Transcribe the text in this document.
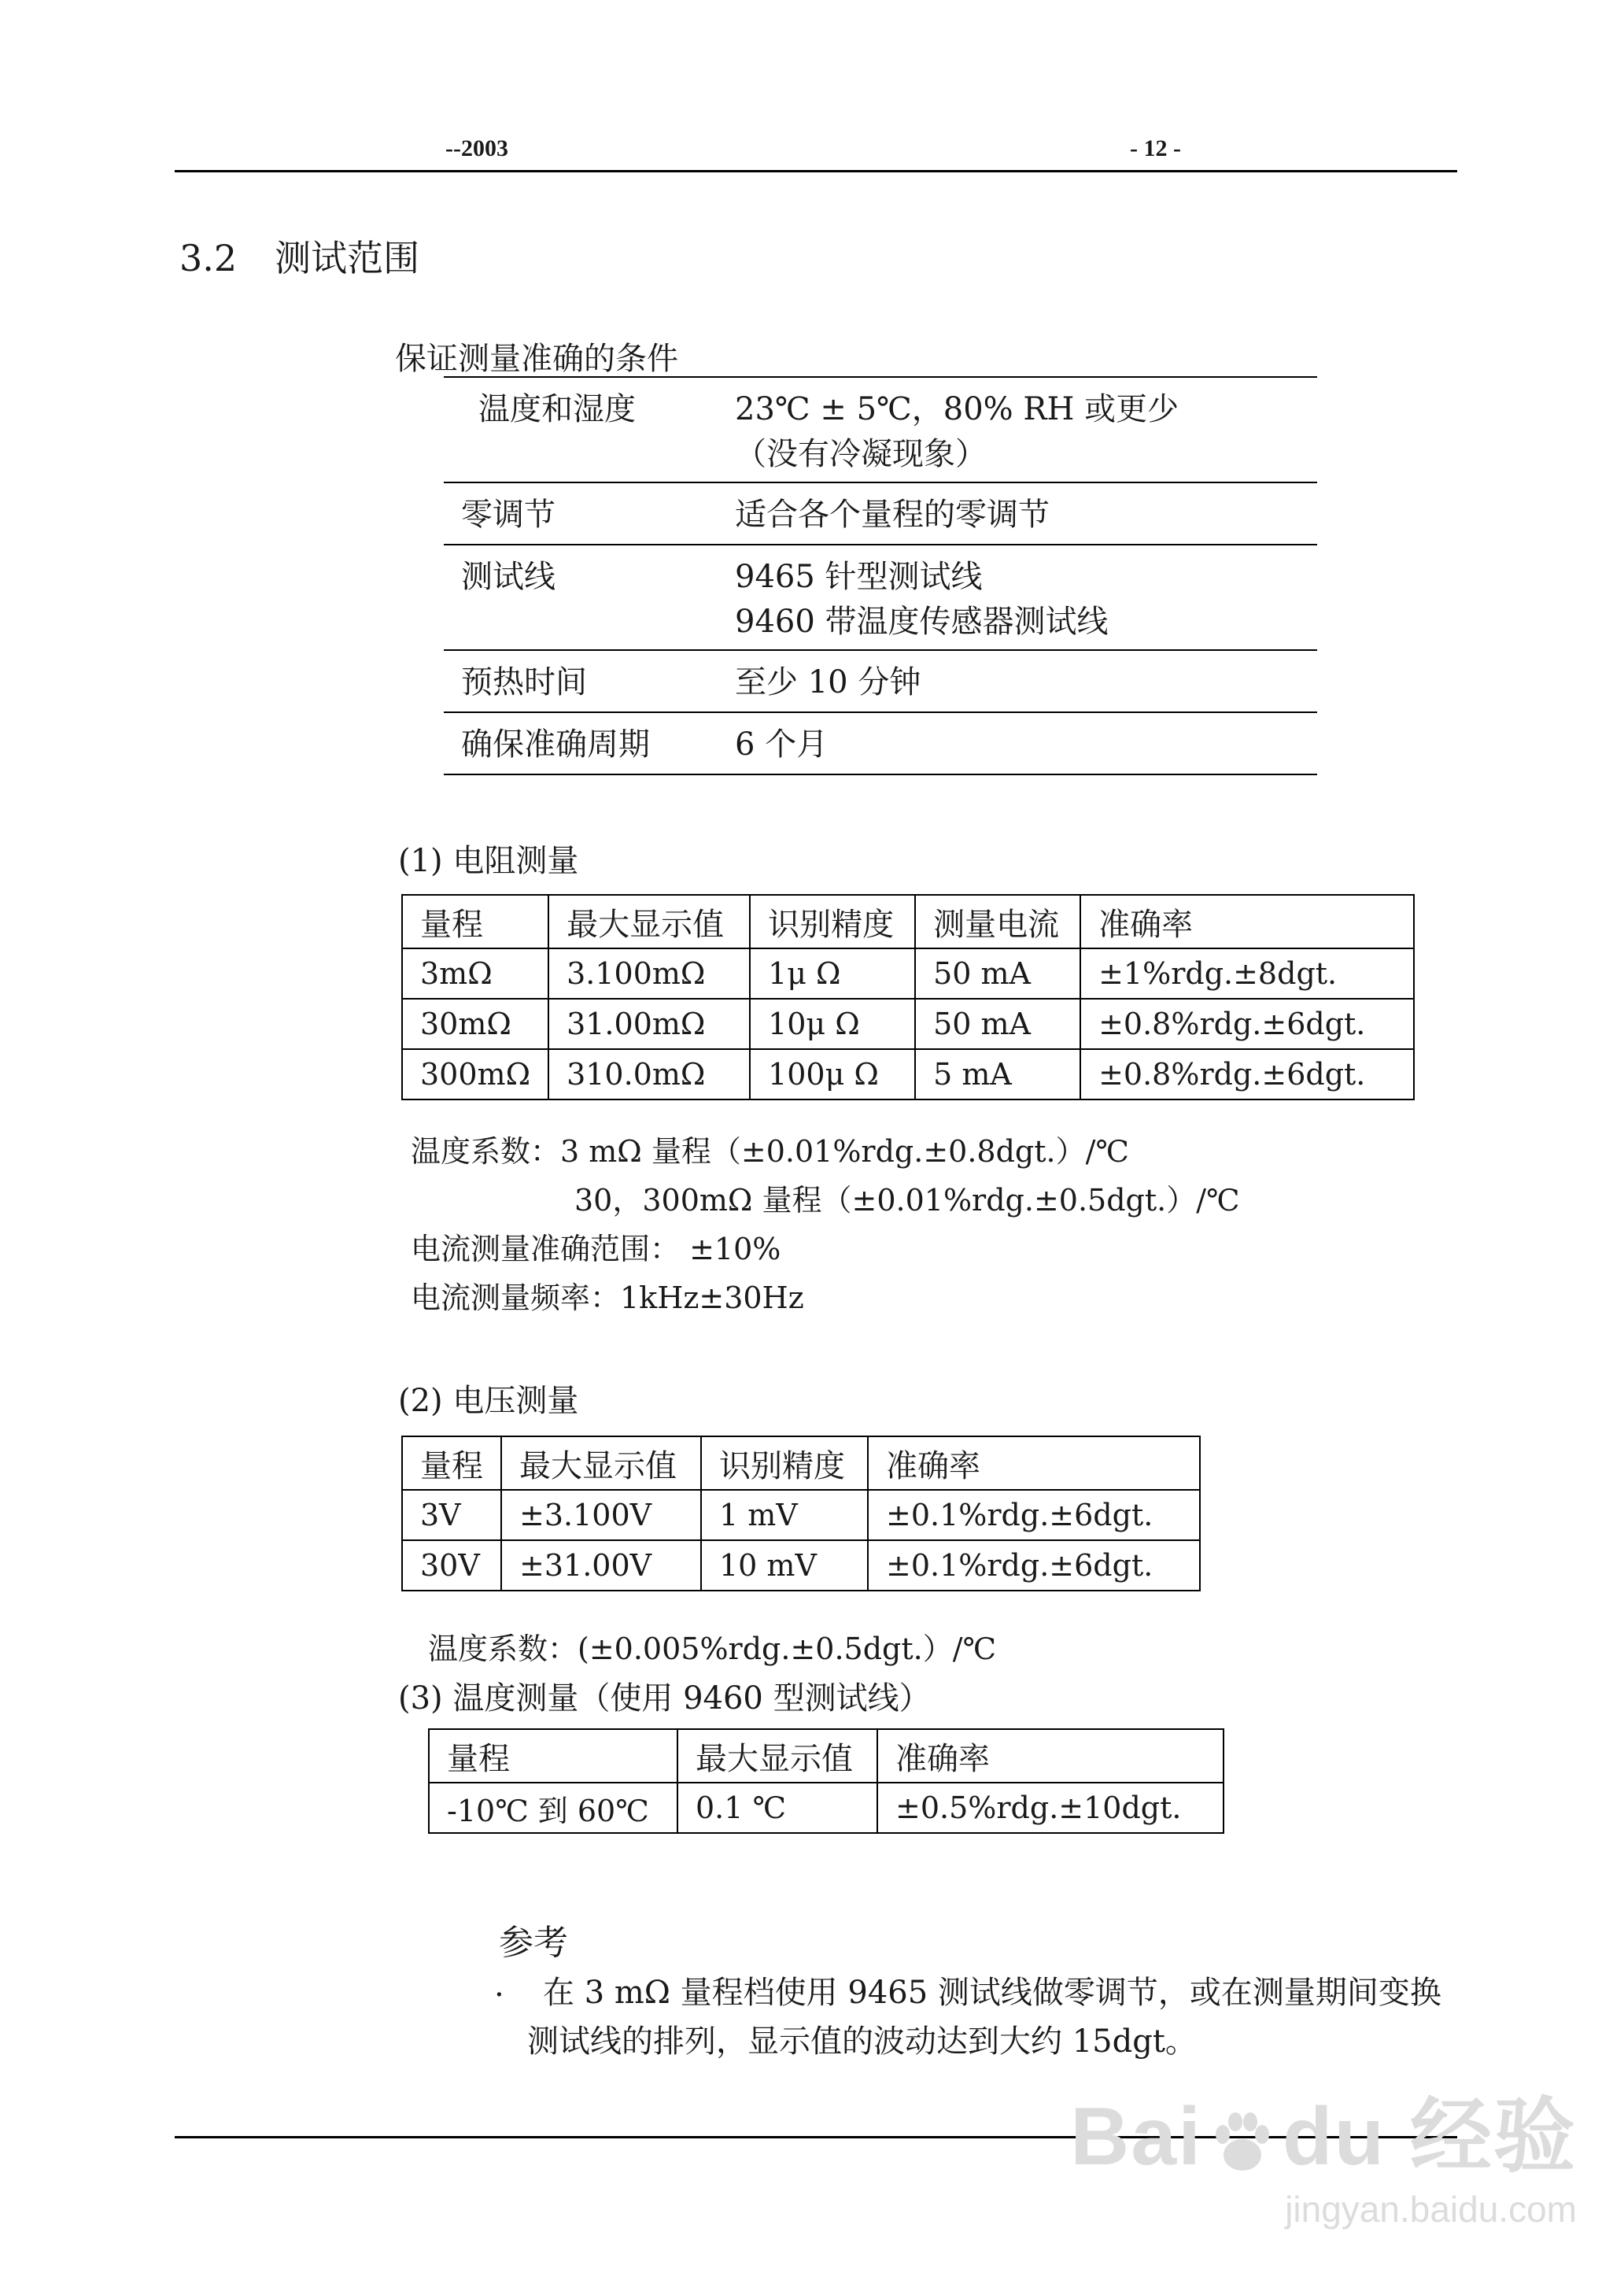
--2003	- 12 -
3.2 测试范围
保证测量准确的条件
温度和湿度	23℃ ± 5℃，80% RH 或更少
	（没有冷凝现象）
零调节	适合各个量程的零调节
测试线	9465 针型测试线
	9460 带温度传感器测试线
预热时间	至少 10 分钟
确保准确周期	6 个月
(1) 电阻测量
量程	最大显示值	识别精度	测量电流	准确率
3mΩ	3.100mΩ	1μ Ω	50 mA	±1%rdg.±8dgt.
30mΩ	31.00mΩ	10μ Ω	50 mA	±0.8%rdg.±6dgt.
300mΩ	310.0mΩ	100μ Ω	5 mA	±0.8%rdg.±6dgt.
温度系数：3 mΩ 量程（±0.01%rdg.±0.8dgt.）/℃
30，300mΩ 量程（±0.01%rdg.±0.5dgt.）/℃
电流测量准确范围： ±10%
电流测量频率：1kHz±30Hz
(2) 电压测量
量程	最大显示值	识别精度	准确率
3V	±3.100V	1 mV	±0.1%rdg.±6dgt.
30V	±31.00V	10 mV	±0.1%rdg.±6dgt.
温度系数：(±0.005%rdg.±0.5dgt.）/℃
(3) 温度测量（使用 9460 型测试线）
量程	最大显示值	准确率
-10℃ 到 60℃	0.1 ℃	±0.5%rdg.±10dgt.
参考
. 在 3 mΩ 量程档使用 9465 测试线做零调节，或在测量期间变换
测试线的排列，显示值的波动达到大约 15dgt。
Bai du 经验
jingyan.baidu.com
